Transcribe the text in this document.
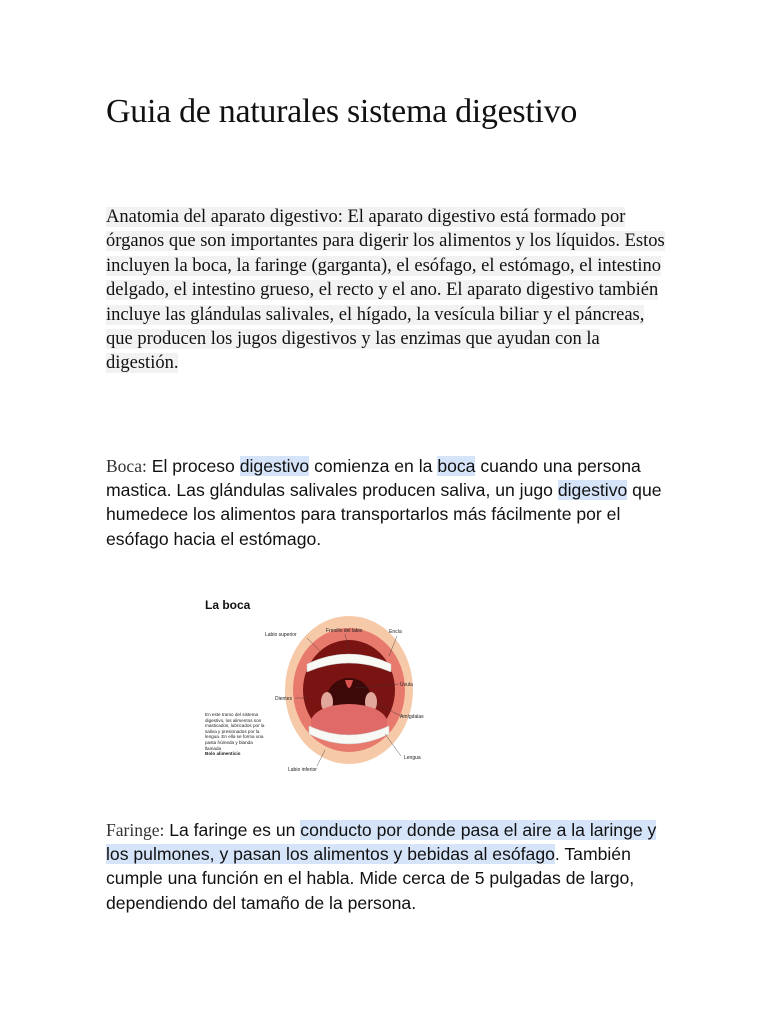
Guia de naturales sistema digestivo

Anatomia del aparato digestivo: El aparato digestivo está formado por órganos que son importantes para digerir los alimentos y los líquidos. Estos incluyen la boca, la faringe (garganta), el esófago, el estómago, el intestino delgado, el intestino grueso, el recto y el ano. El aparato digestivo también incluye las glándulas salivales, el hígado, la vesícula biliar y el páncreas, que producen los jugos digestivos y las enzimas que ayudan con la digestión.

Boca: El proceso digestivo comienza en la boca cuando una persona mastica. Las glándulas salivales producen saliva, un jugo digestivo que humedece los alimentos para transportarlos más fácilmente por el esófago hacia el estómago.

Labio superior
Frenillo del labio	Encía
Úvula
Dientes
Amígdalas
Lengua
Labio inferior
La boca
En este tramo del sistema digestivo, los alimentos son masticados, lubricados por la saliva y presionados por la lengua. En ella se forma una pasta húmeda y blanda llamada
Bolo alimenticio

Faringe: La faringe es un conducto por donde pasa el aire a la laringe y los pulmones, y pasan los alimentos y bebidas al esófago. También cumple una función en el habla. Mide cerca de 5 pulgadas de largo, dependiendo del tamaño de la persona.
